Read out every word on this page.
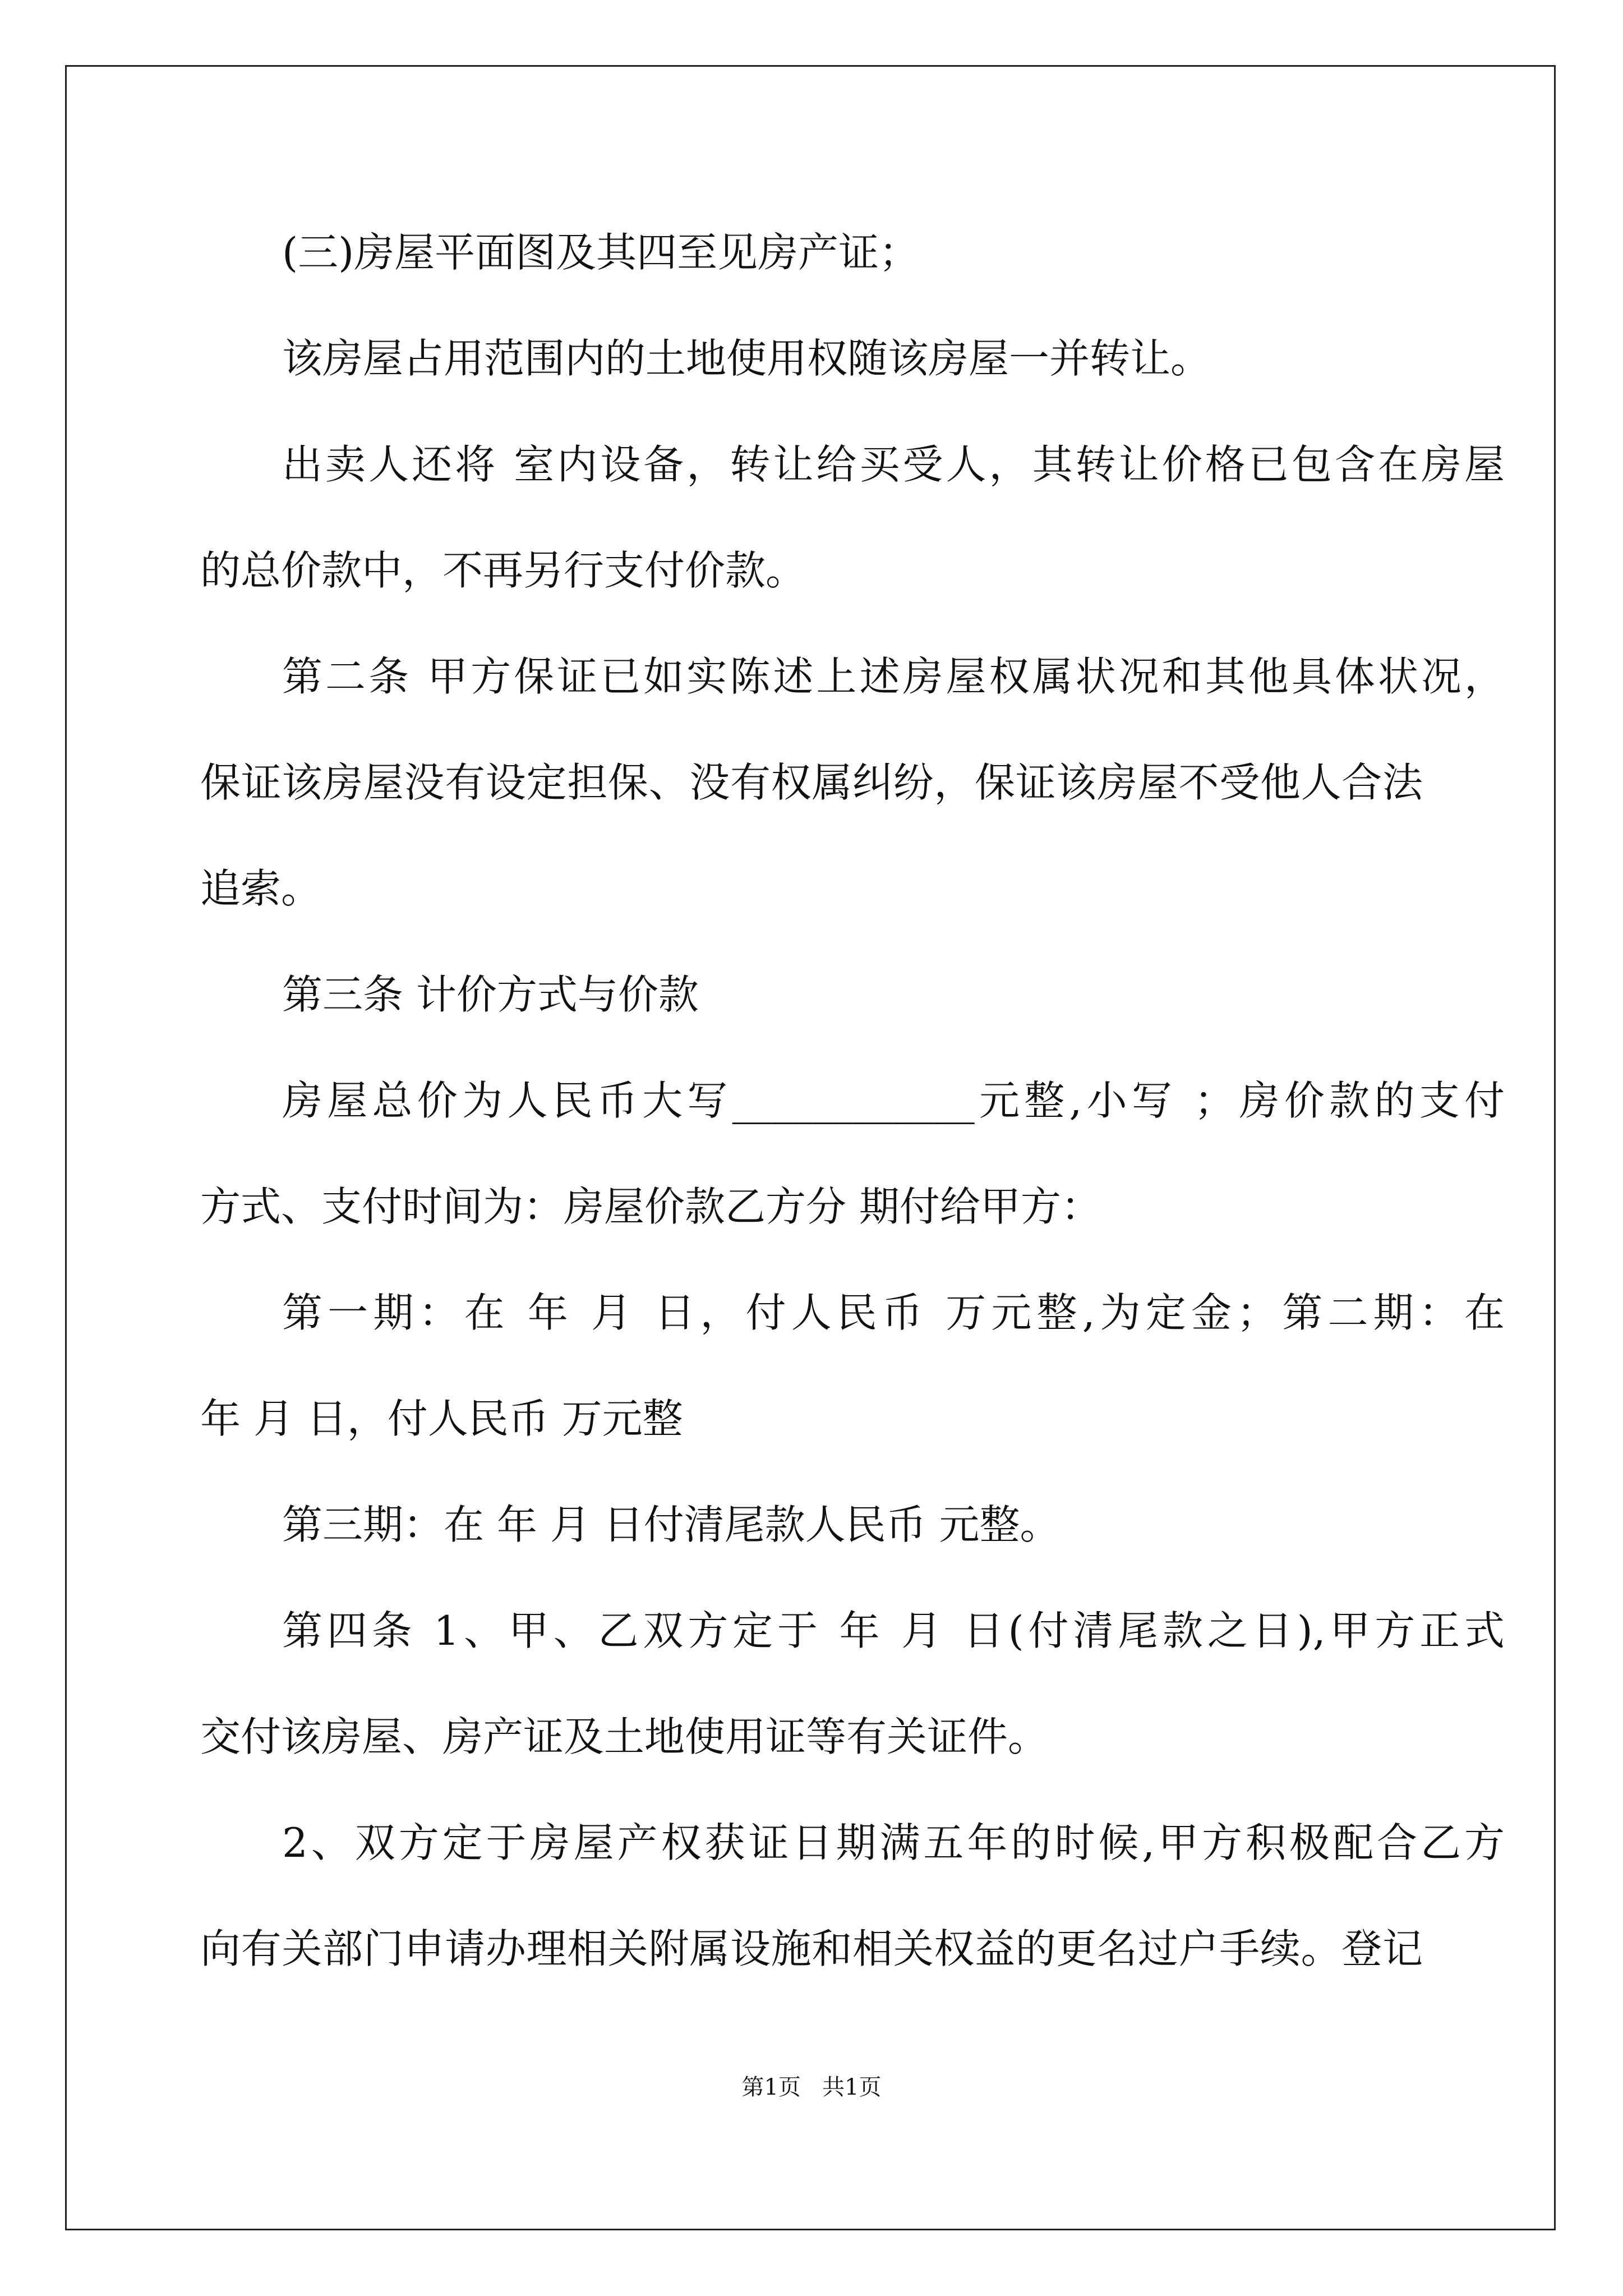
(三)房屋平面图及其四至见房产证；
该房屋占用范围内的土地使用权随该房屋一并转让。
出卖人还将 室内设备，转让给买受人，其转让价格已包含在房屋
的总价款中，不再另行支付价款。
第二条 甲方保证已如实陈述上述房屋权属状况和其他具体状况，
保证该房屋没有设定担保、没有权属纠纷，保证该房屋不受他人合法
追索。
第三条 计价方式与价款
房屋总价为人民币大写____________元整,小写 ；房价款的支付
方式、支付时间为：房屋价款乙方分 期付给甲方：
第一期：在 年 月 日，付人民币 万元整,为定金；第二期：在
年 月 日，付人民币 万元整
第三期：在 年 月 日付清尾款人民币 元整。
第四条 1、甲、乙双方定于 年 月 日(付清尾款之日),甲方正式
交付该房屋、房产证及土地使用证等有关证件。
2、双方定于房屋产权获证日期满五年的时候,甲方积极配合乙方
向有关部门申请办理相关附属设施和相关权益的更名过户手续。登记
第1页   共1页
